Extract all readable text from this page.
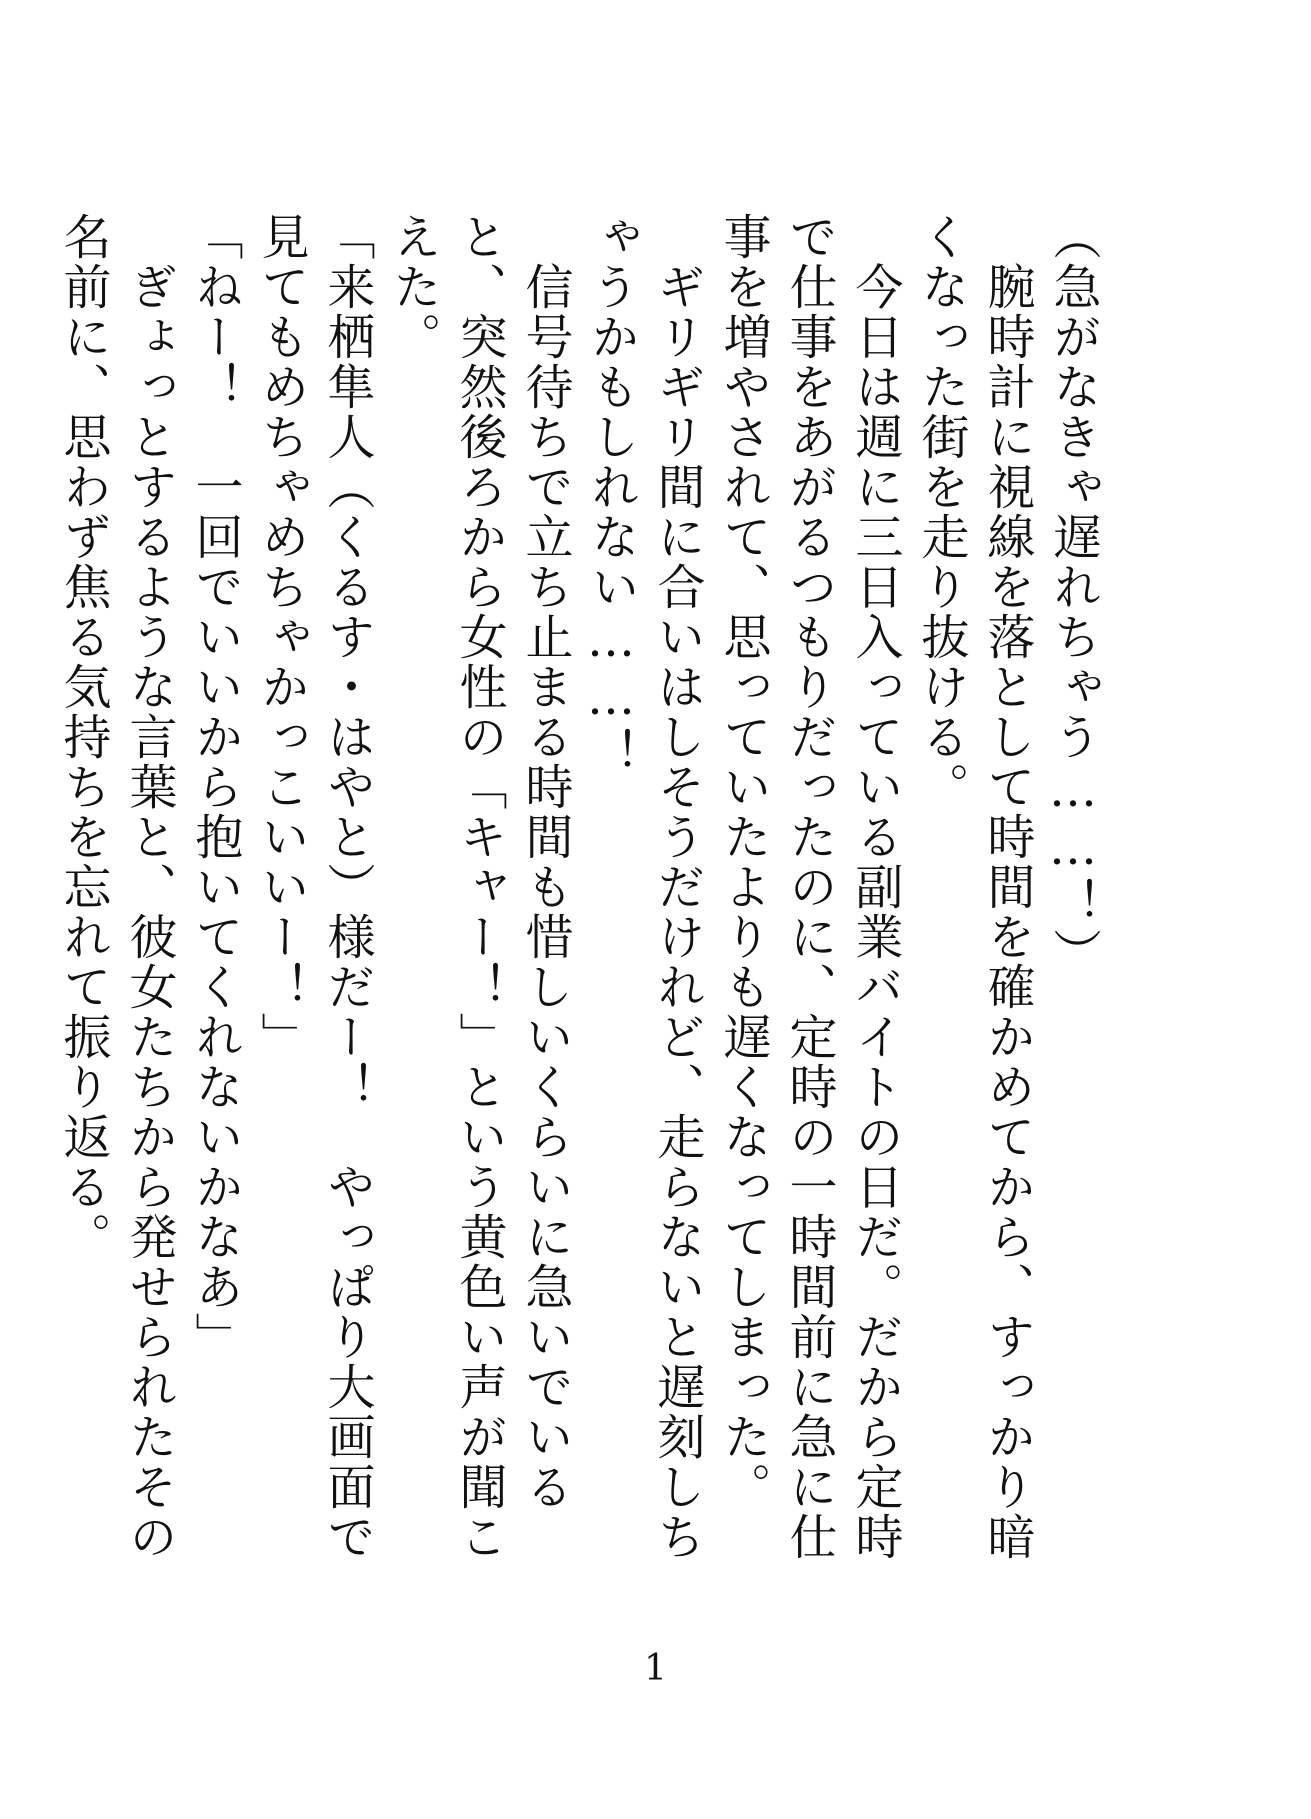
（急がなきゃ遅れちゃう……！）

　腕時計に視線を落として時間を確かめてから、すっかり暗くなった街を走り抜ける。

　今日は週に三日入っている副業バイトの日だ。だから定時で仕事をあがるつもりだったのに、定時の一時間前に急に仕事を増やされて、思っていたよりも遅くなってしまった。

　ギリギリ間に合いはしそうだけれど、走らないと遅刻しちゃうかもしれない……！

　信号待ちで立ち止まる時間も惜しいくらいに急いでいると、突然後ろから女性の「キャー！」という黄色い声が聞こえた。

「来栖隼人（くるす・はやと）様だー！　やっぱり大画面で見てもめちゃめちゃかっこいいー！」

「ねー！　一回でいいから抱いてくれないかなあ」

　ぎょっとするような言葉と、彼女たちから発せられたその名前に、思わず焦る気持ちを忘れて振り返る。

1
